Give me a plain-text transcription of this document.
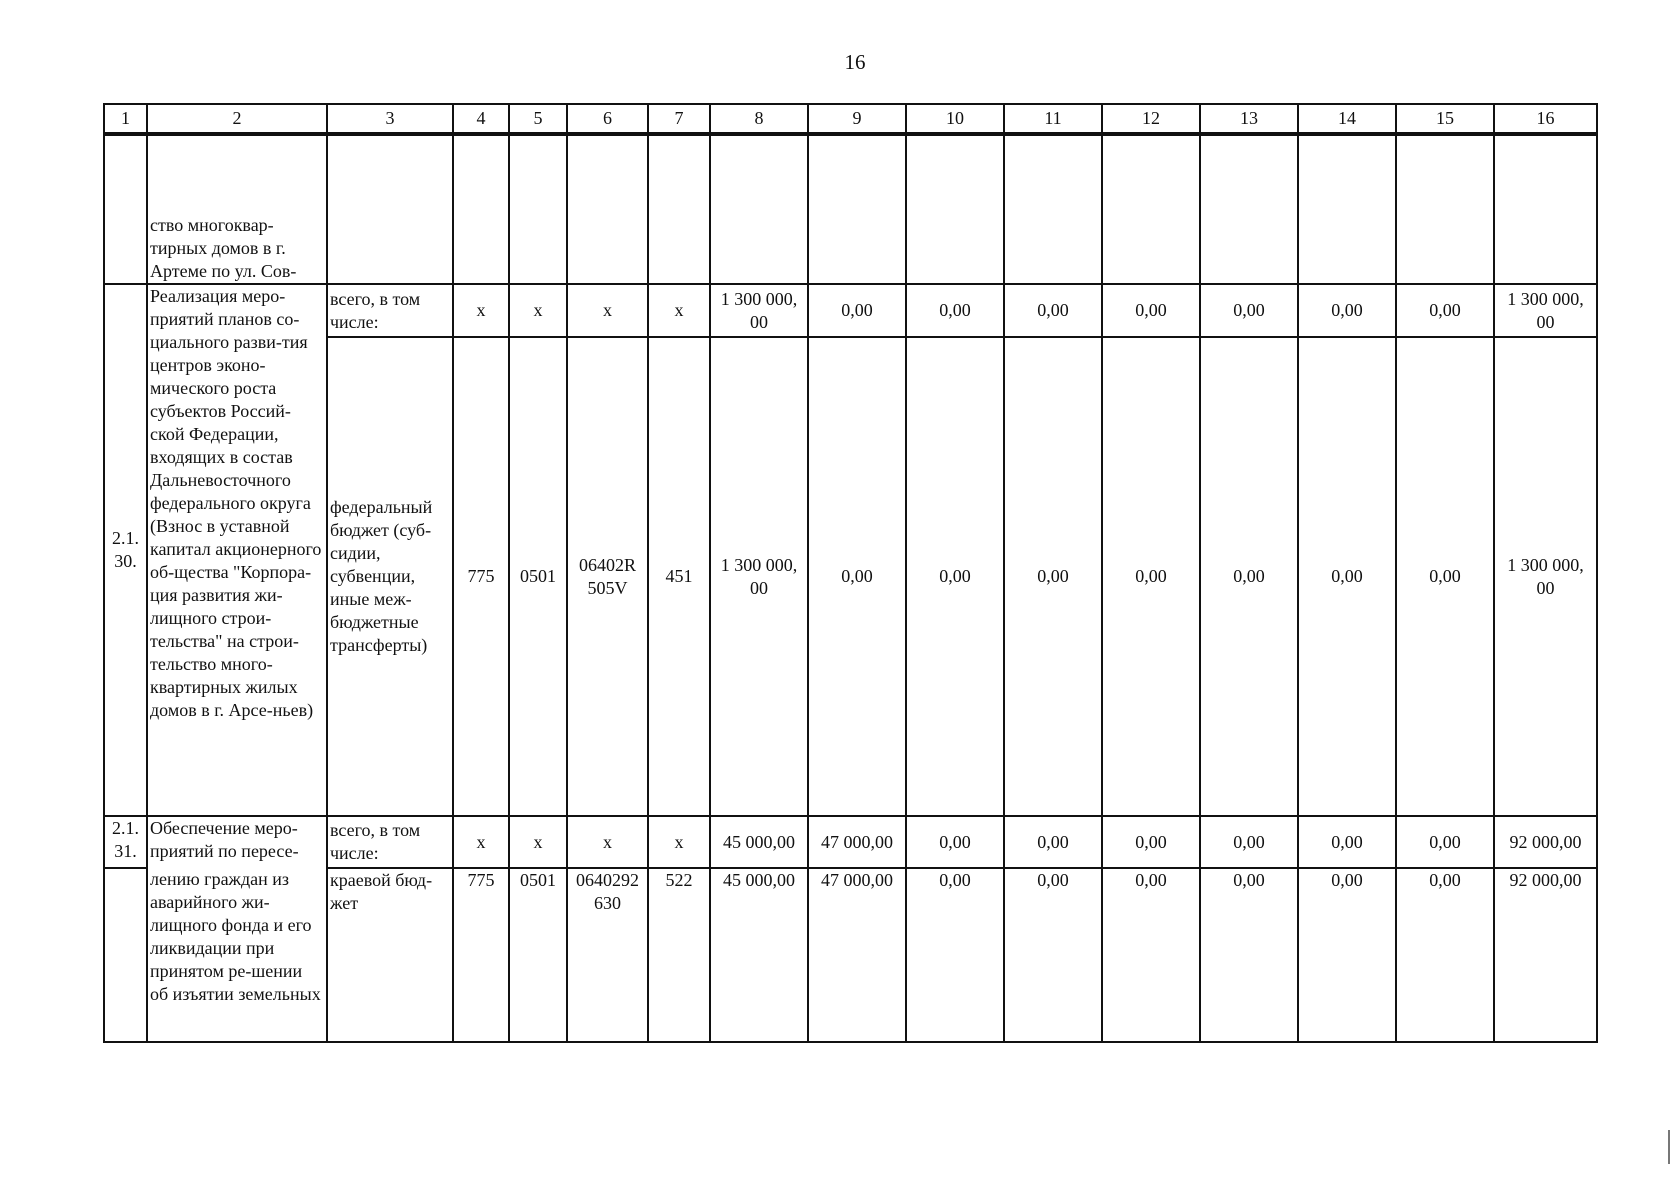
16
1	2	3	4	5	6	7	8	9	10	11	12	13	14	15	16
	ство многоквар-тирных домов в г. Артеме по ул. Сов-														
2.1. 30.	Реализация меро-приятий планов со-циального разви-тия центров эконо-мического роста субъектов Россий-ской Федерации, входящих в состав Дальневосточного федерального округа (Взнос в уставной капитал акционерного об-щества "Корпора-ция развития жи-лищного строи-тельства" на строи-тельство много-квартирных жилых домов в г. Арсе-ньев)	всего, в том числе:	x	x	x	x	1 300 000, 00	0,00	0,00	0,00	0,00	0,00	0,00	0,00	1 300 000, 00
		федеральный бюджет (суб-сидии, субвенции, иные меж-бюджетные трансферты)	775	0501	06402R 505V	451	1 300 000, 00	0,00	0,00	0,00	0,00	0,00	0,00	0,00	1 300 000, 00
2.1. 31.	Обеспечение меро-приятий по пересе-	всего, в том числе:	x	x	x	x	45 000,00	47 000,00	0,00	0,00	0,00	0,00	0,00	0,00	92 000,00
	лению граждан из аварийного жи-лищного фонда и его ликвидации при принятом ре-шении об изъятии земельных	краевой бюд-жет	775	0501	0640292 630	522	45 000,00	47 000,00	0,00	0,00	0,00	0,00	0,00	0,00	92 000,00
